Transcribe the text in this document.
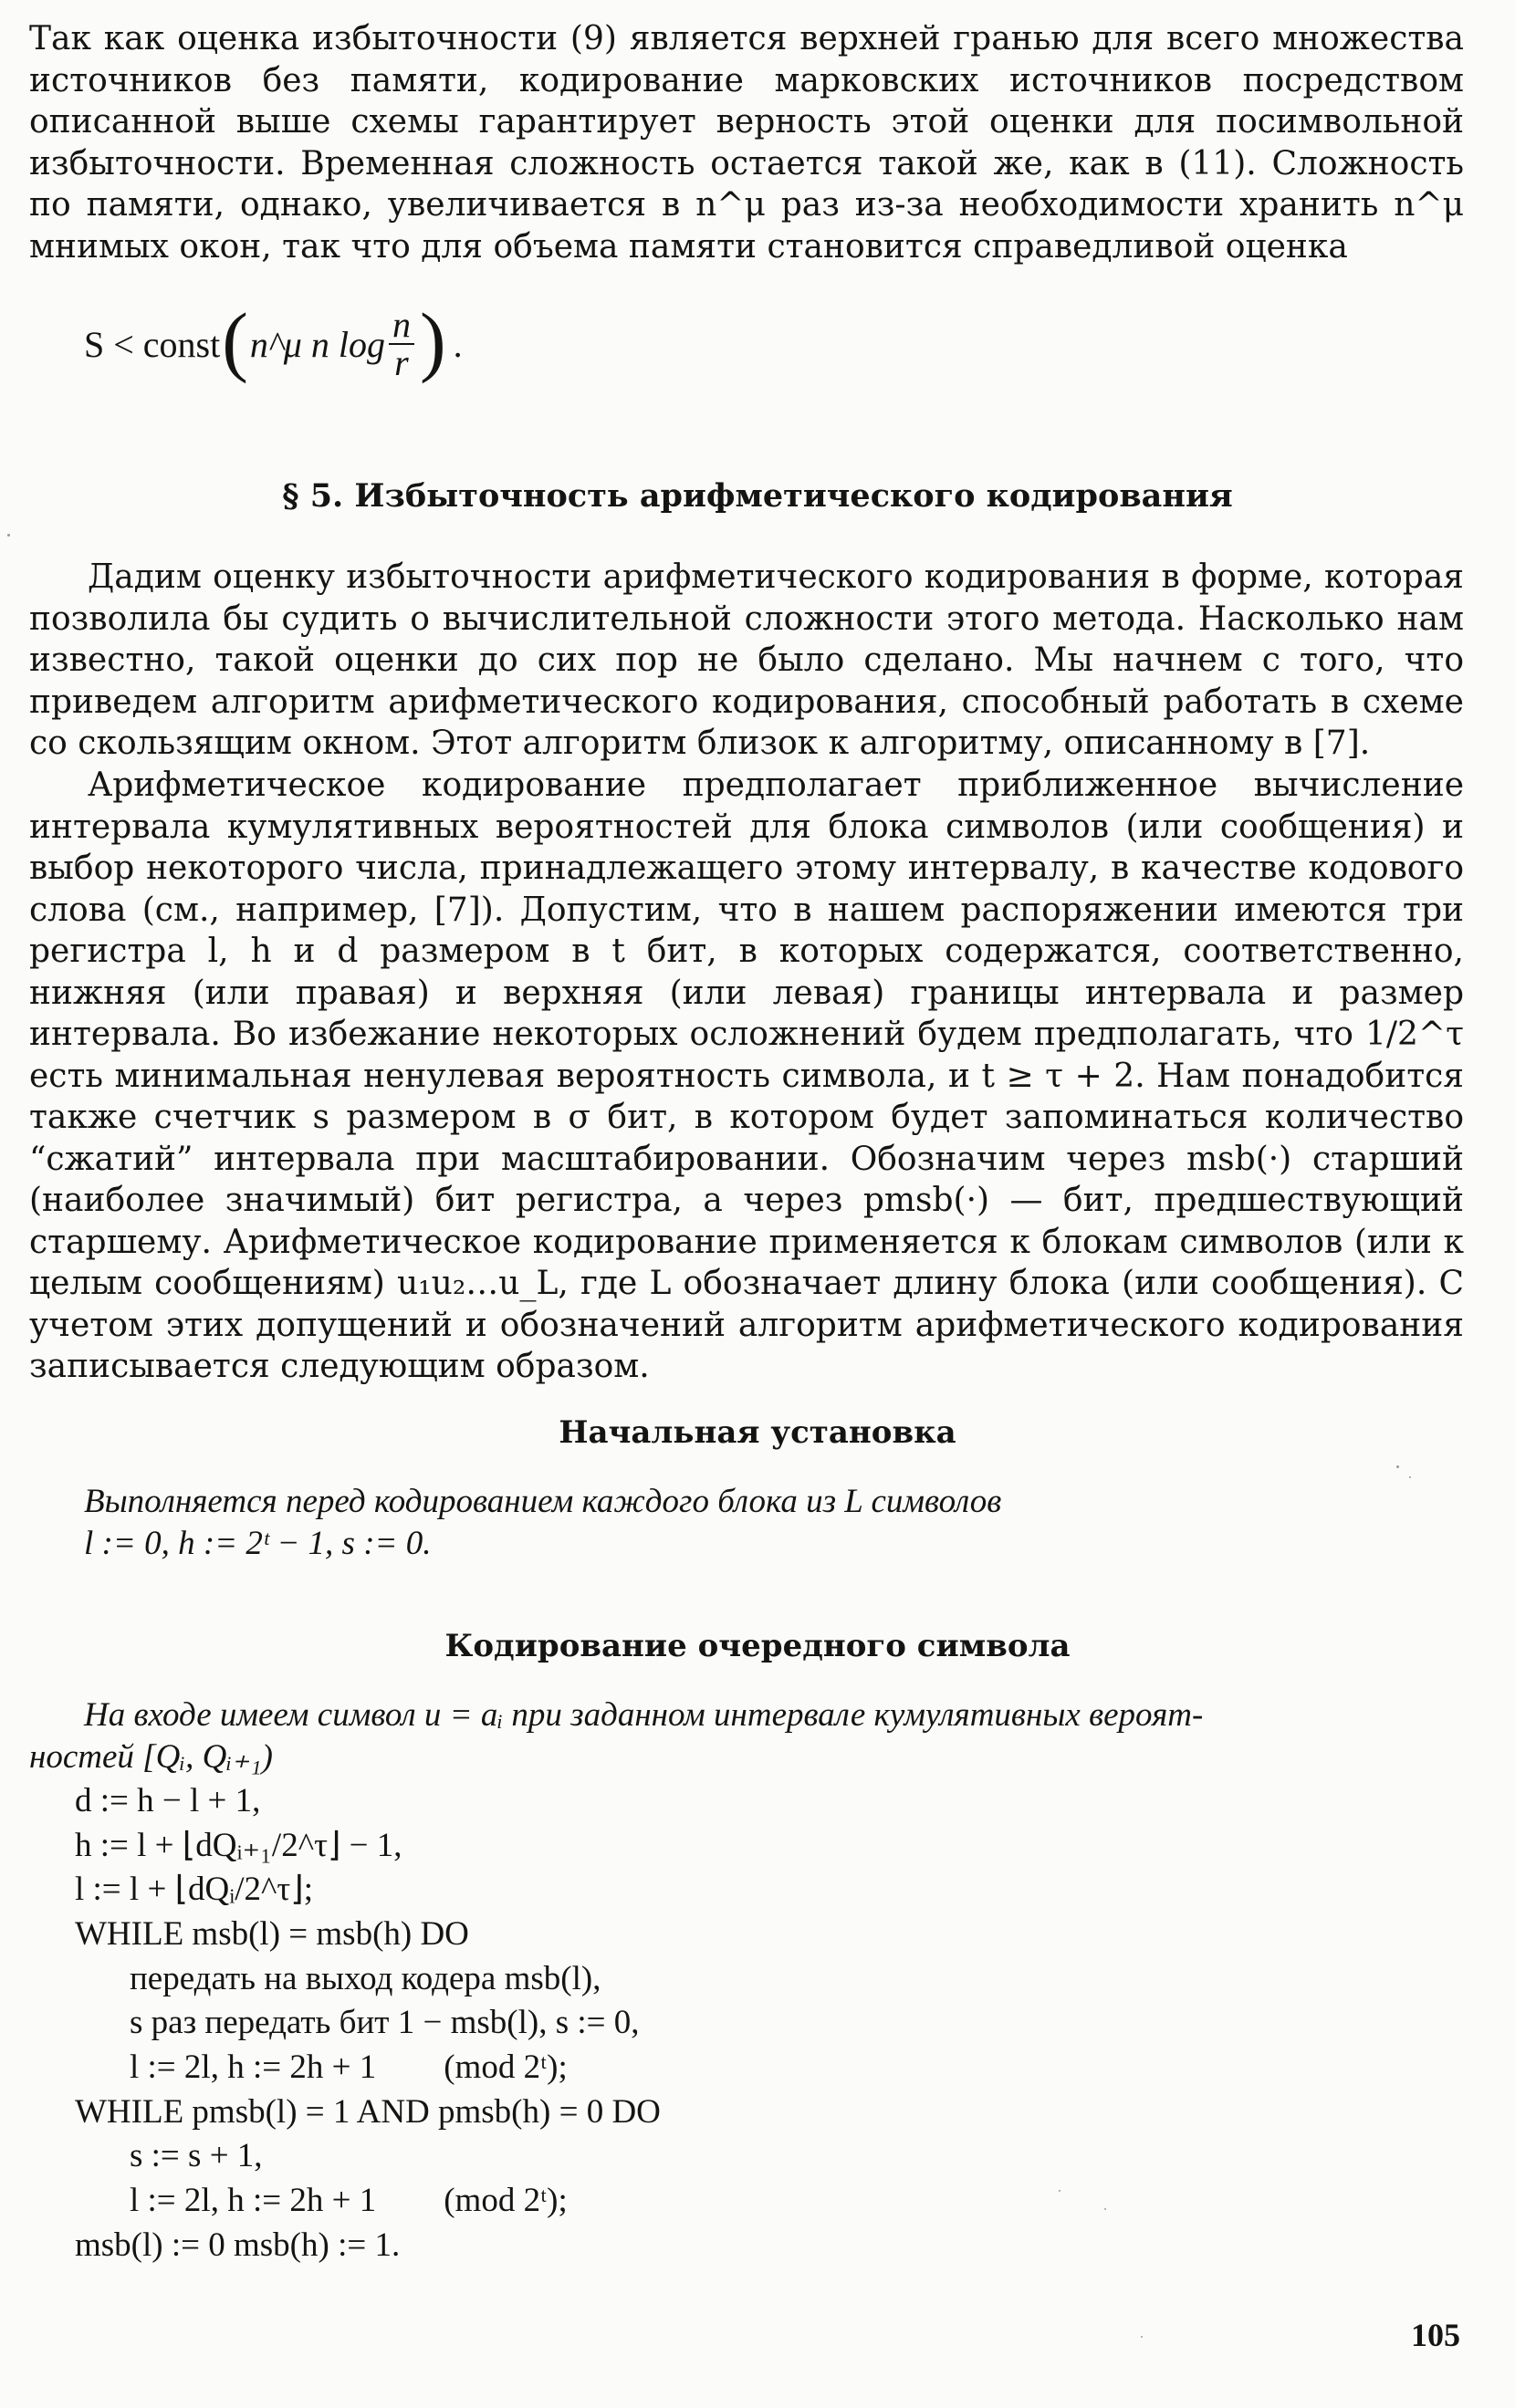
Так как оценка избыточности (9) является верхней гранью для всего множества источников без памяти, кодирование марковских источников посредством описанной выше схемы гарантирует верность этой оценки для посимвольной избыточности. Временная сложность остается такой же, как в (11). Сложность по памяти, однако, увеличивается в n^μ раз из-за необходимости хранить n^μ мнимых окон, так что для объема памяти становится справедливой оценка

S < const ( n^μ n $\log \frac{n}{r}$ ) .
§ 5. Избыточность арифметического кодирования

Дадим оценку избыточности арифметического кодирования в форме, которая позволила бы судить о вычислительной сложности этого метода. Насколько нам известно, такой оценки до сих пор не было сделано. Мы начнем с того, что приведем алгоритм арифметического кодирования, способный работать в схеме со скользящим окном. Этот алгоритм близок к алгоритму, описанному в [7].

Арифметическое кодирование предполагает приближенное вычисление интервала кумулятивных вероятностей для блока символов (или сообщения) и выбор некоторого числа, принадлежащего этому интервалу, в качестве кодового слова (см., например, [7]). Допустим, что в нашем распоряжении имеются три регистра l, h и d размером в t бит, в которых содержатся, соответственно, нижняя (или правая) и верхняя (или левая) границы интервала и размер интервала. Во избежание некоторых осложнений будем предполагать, что 1/2^τ есть минимальная ненулевая вероятность символа, и t ≥ τ + 2. Нам понадобится также счетчик s размером в σ бит, в котором будет запоминаться количество “сжатий” интервала при масштабировании. Обозначим через msb(·) старший (наиболее значимый) бит регистра, а через pmsb(·) — бит, предшествующий старшему. Арифметическое кодирование применяется к блокам символов (или к целым сообщениям) u₁u₂…u_L, где L обозначает длину блока (или сообщения). С учетом этих допущений и обозначений алгоритм арифметического кодирования записывается следующим образом.

Начальная установка
Выполняется перед кодированием каждого блока из L символов
l := 0, h := 2ᵗ − 1, s := 0.
Кодирование очередного символа
На входе имеем символ u = aᵢ при заданном интервале кумулятивных вероят-
ностей [Qᵢ, Qᵢ₊₁)
d := h − l + 1,
h := l + ⌊dQᵢ₊₁/2^τ⌋ − 1,
l := l + ⌊dQᵢ/2^τ⌋;
WHILE msb(l) = msb(h) DO
передать на выход кодера msb(l),
s раз передать бит 1 − msb(l), s := 0,
l := 2l, h := 2h + 1        (mod 2ᵗ);
WHILE pmsb(l) = 1 AND pmsb(h) = 0 DO
s := s + 1,
l := 2l, h := 2h + 1        (mod 2ᵗ);
msb(l) := 0 msb(h) := 1.
105
